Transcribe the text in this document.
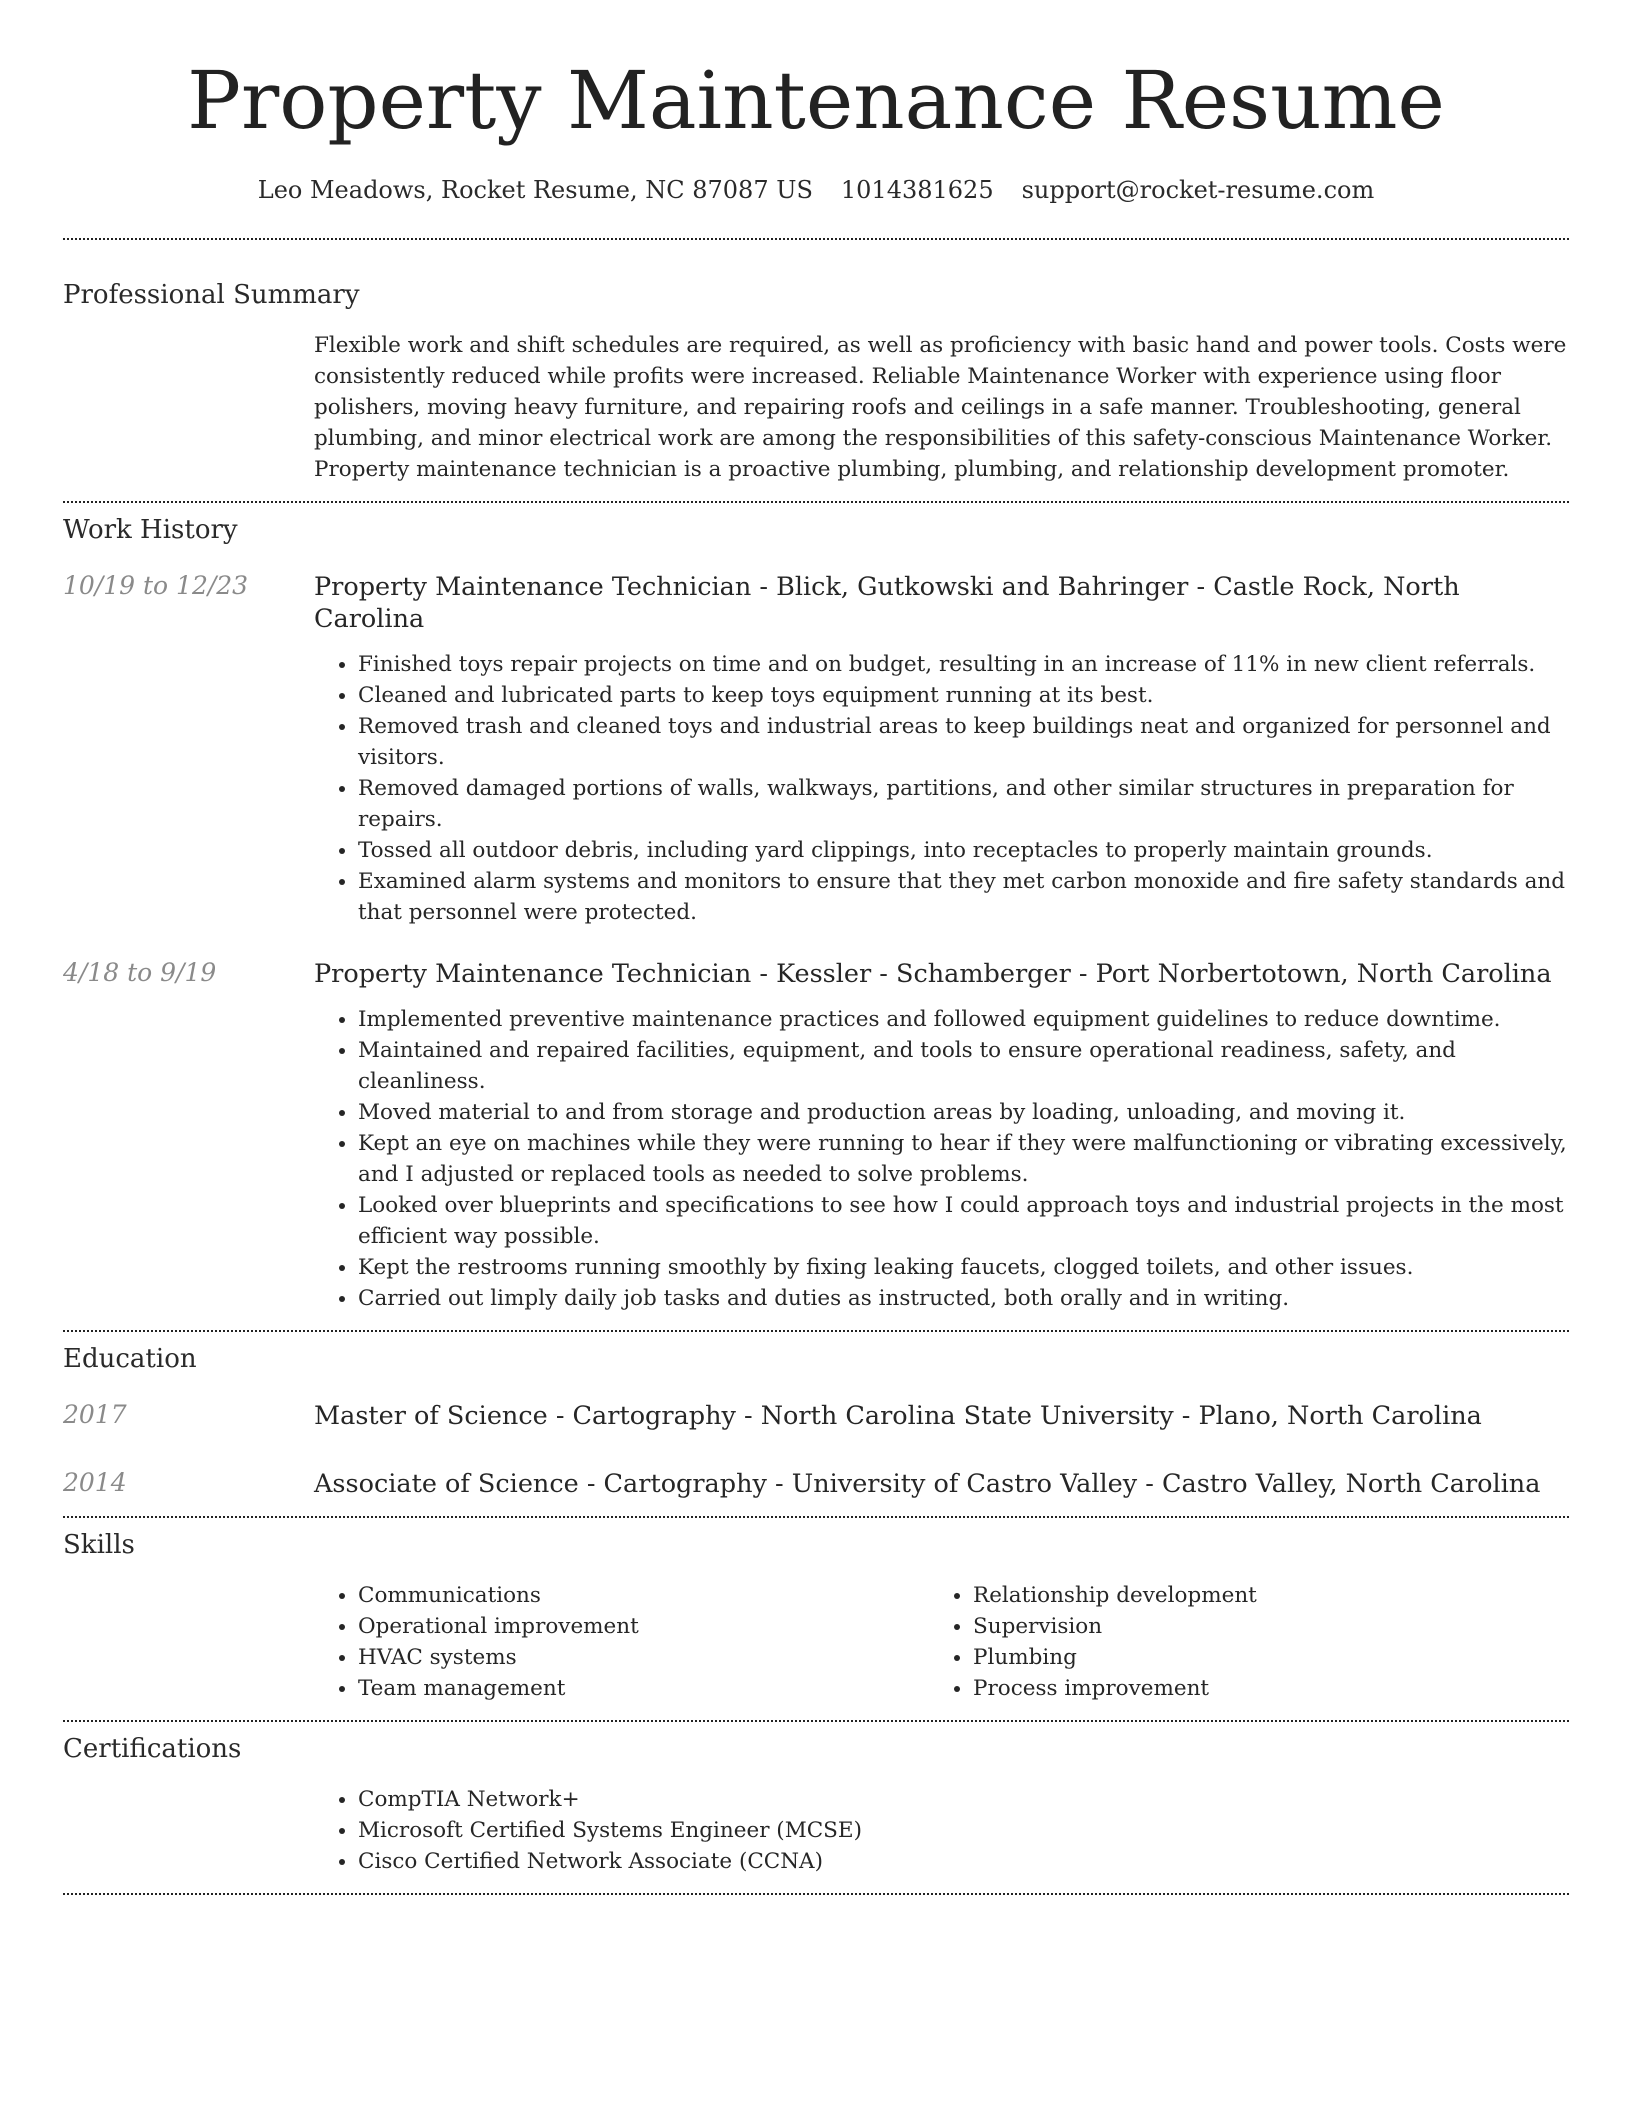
Property Maintenance Resume
Leo Meadows, Rocket Resume, NC 87087 US 1014381625 support@rocket-resume.com
Professional Summary

Flexible work and shift schedules are required, as well as proficiency with basic hand and power tools. Costs were consistently reduced while profits were increased. Reliable Maintenance Worker with experience using floor polishers, moving heavy furniture, and repairing roofs and ceilings in a safe manner. Troubleshooting, general plumbing, and minor electrical work are among the responsibilities of this safety-conscious Maintenance Worker. Property maintenance technician is a proactive plumbing, plumbing, and relationship development promoter.

Work History
10/19 to 12/23	Property Maintenance Technician - Blick, Gutkowski and Bahringer - Castle Rock, North Carolina
• Finished toys repair projects on time and on budget, resulting in an increase of 11% in new client referrals.
• Cleaned and lubricated parts to keep toys equipment running at its best.
• Removed trash and cleaned toys and industrial areas to keep buildings neat and organized for personnel and visitors.
• Removed damaged portions of walls, walkways, partitions, and other similar structures in preparation for repairs.
• Tossed all outdoor debris, including yard clippings, into receptacles to properly maintain grounds.
• Examined alarm systems and monitors to ensure that they met carbon monoxide and fire safety standards and that personnel were protected.
4/18 to 9/19	Property Maintenance Technician - Kessler - Schamberger - Port Norbertotown, North Carolina
• Implemented preventive maintenance practices and followed equipment guidelines to reduce downtime.
• Maintained and repaired facilities, equipment, and tools to ensure operational readiness, safety, and cleanliness.
• Moved material to and from storage and production areas by loading, unloading, and moving it.
• Kept an eye on machines while they were running to hear if they were malfunctioning or vibrating excessively, and I adjusted or replaced tools as needed to solve problems.
• Looked over blueprints and specifications to see how I could approach toys and industrial projects in the most efficient way possible.
• Kept the restrooms running smoothly by fixing leaking faucets, clogged toilets, and other issues.
• Carried out limply daily job tasks and duties as instructed, both orally and in writing.
Education
2017	Master of Science - Cartography - North Carolina State University - Plano, North Carolina
2014	Associate of Science - Cartography - University of Castro Valley - Castro Valley, North Carolina
Skills
• Communications
• Operational improvement
• HVAC systems
• Team management
• Relationship development
• Supervision
• Plumbing
• Process improvement
Certifications
• CompTIA Network+
• Microsoft Certified Systems Engineer (MCSE)
• Cisco Certified Network Associate (CCNA)
